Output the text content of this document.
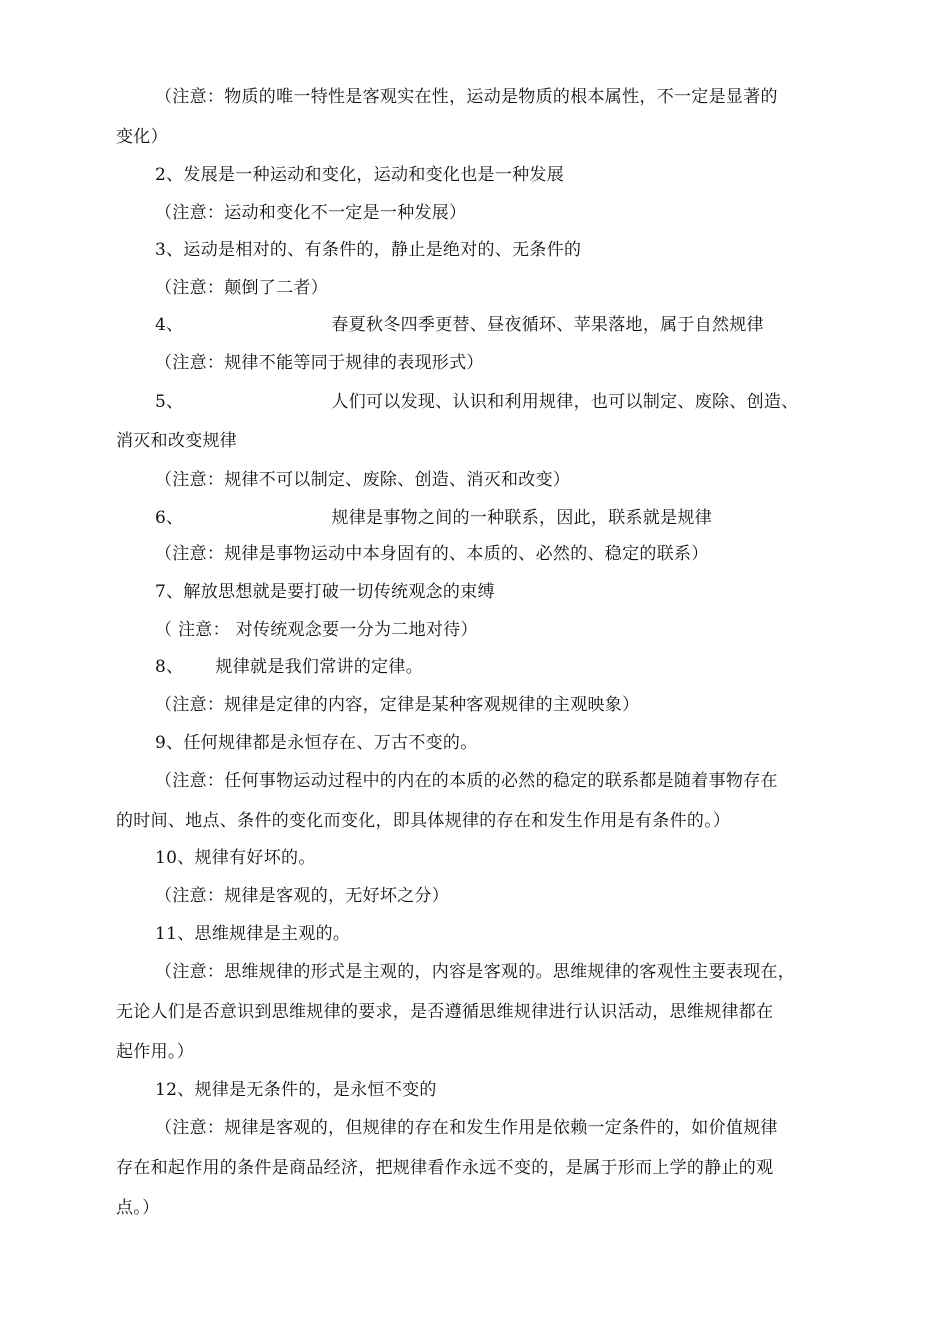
（注意：物质的唯一特性是客观实在性，运动是物质的根本属性，不一定是显著的
变化）
2、发展是一种运动和变化，运动和变化也是一种发展
（注意：运动和变化不一定是一种发展）
3、运动是相对的、有条件的，静止是绝对的、无条件的
（注意：颠倒了二者）
4、	春夏秋冬四季更替、昼夜循环、苹果落地，属于自然规律
（注意：规律不能等同于规律的表现形式）
5、	人们可以发现、认识和利用规律，也可以制定、废除、创造、
消灭和改变规律
（注意：规律不可以制定、废除、创造、消灭和改变）
6、	规律是事物之间的一种联系，因此，联系就是规律
（注意：规律是事物运动中本身固有的、本质的、必然的、稳定的联系）
7、解放思想就是要打破一切传统观念的束缚
（ 注意： 对传统观念要一分为二地对待）
8、 规律就是我们常讲的定律。
（注意：规律是定律的内容，定律是某种客观规律的主观映象）
9、任何规律都是永恒存在、万古不变的。
（注意：任何事物运动过程中的内在的本质的必然的稳定的联系都是随着事物存在
的时间、地点、条件的变化而变化，即具体规律的存在和发生作用是有条件的。）
10、规律有好坏的。
（注意：规律是客观的，无好坏之分）
11、思维规律是主观的。
（注意：思维规律的形式是主观的，内容是客观的。思维规律的客观性主要表现在，
无论人们是否意识到思维规律的要求，是否遵循思维规律进行认识活动，思维规律都在
起作用。）
12、规律是无条件的，是永恒不变的
（注意：规律是客观的，但规律的存在和发生作用是依赖一定条件的，如价值规律
存在和起作用的条件是商品经济，把规律看作永远不变的，是属于形而上学的静止的观
点。）
